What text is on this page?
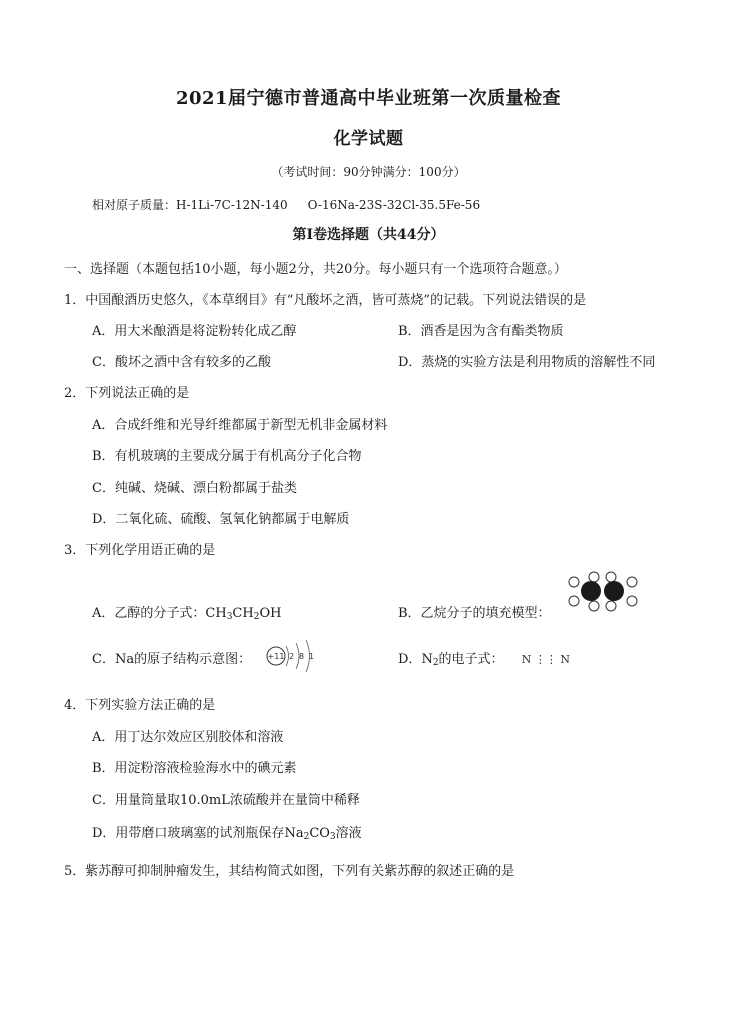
2021届宁德市普通高中毕业班第一次质量检查
化学试题
（考试时间：90分钟满分：100分）
相对原子质量：H-1Li-7C-12N-140 O-16Na-23S-32Cl-35.5Fe-56
第Ⅰ卷选择题（共44分）
一、选择题（本题包括10小题，每小题2分，共20分。每小题只有一个选项符合题意。）
1．中国酿酒历史悠久，《本草纲目》有“凡酸坏之酒，皆可蒸烧”的记载。下列说法错误的是
A．用大米酿酒是将淀粉转化成乙醇	B．酒香是因为含有酯类物质
C．酸坏之酒中含有较多的乙酸	D．蒸烧的实验方法是利用物质的溶解性不同
2．下列说法正确的是
A．合成纤维和光导纤维都属于新型无机非金属材料
B．有机玻璃的主要成分属于有机高分子化合物
C．纯碱、烧碱、漂白粉都属于盐类
D．二氧化硫、硫酸、氢氧化钠都属于电解质
3．下列化学用语正确的是
A．乙醇的分子式：$CH_3CH_2OH$	B．乙烷分子的填充模型：
C．Na的原子结构示意图： +11 2 8 1	D．$N_2$的电子式： N ⋮⋮ N
4．下列实验方法正确的是
A．用丁达尔效应区别胶体和溶液
B．用淀粉溶液检验海水中的碘元素
C．用量筒量取10.0mL浓硫酸并在量筒中稀释
D．用带磨口玻璃塞的试剂瓶保存$Na_2CO_3$溶液
5．紫苏醇可抑制肿瘤发生，其结构简式如图，下列有关紫苏醇的叙述正确的是
